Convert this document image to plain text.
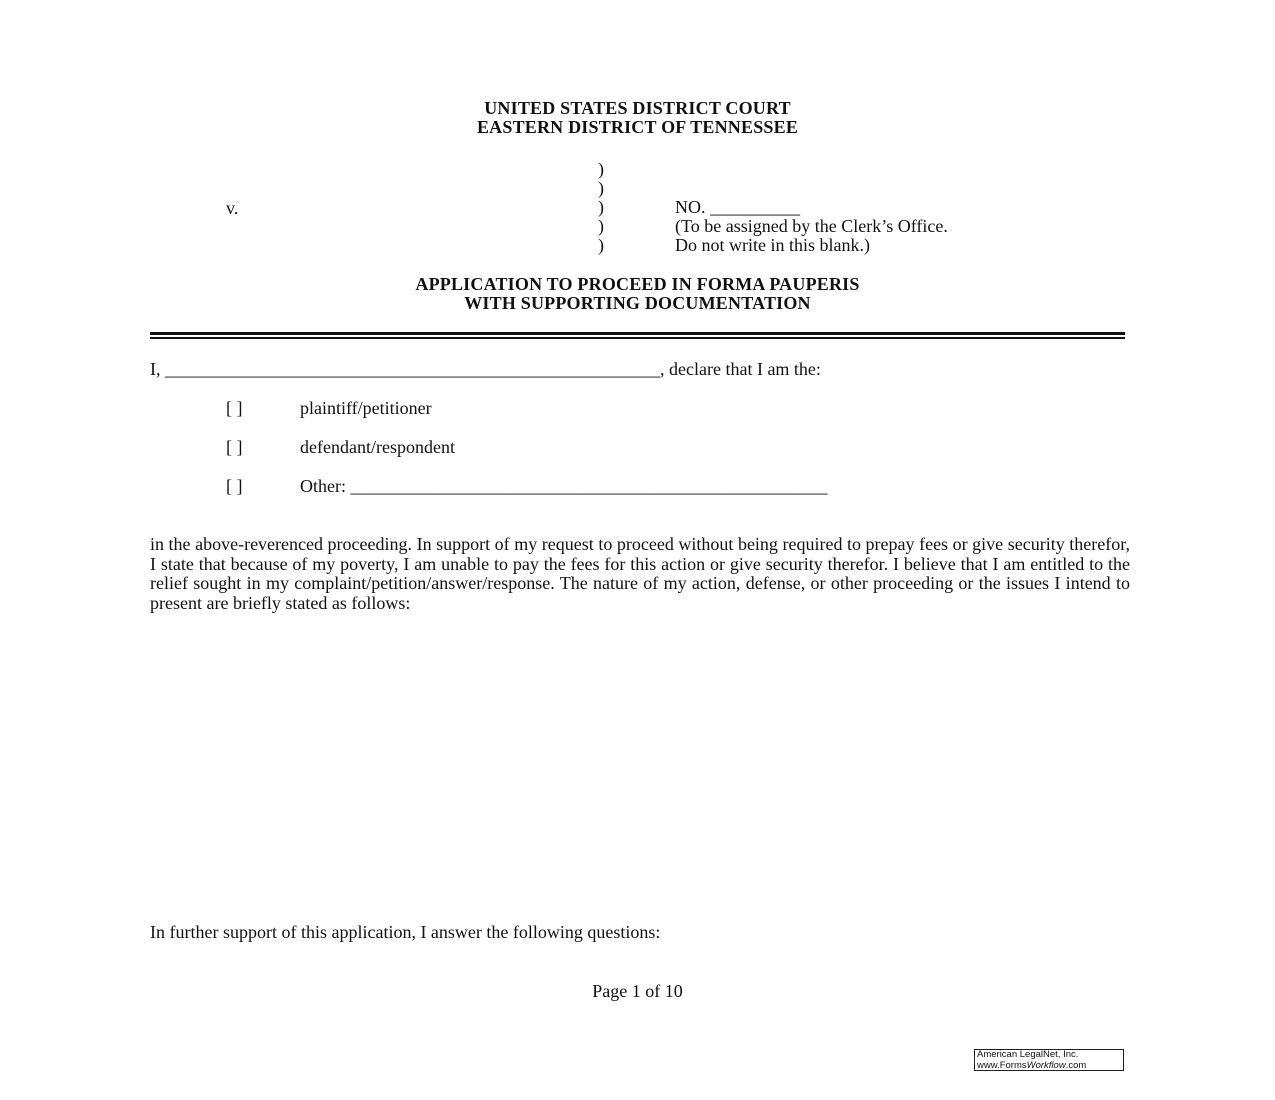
UNITED STATES DISTRICT COURT
EASTERN DISTRICT OF TENNESSEE
)
)
)
)
)
v.	NO. __________
(To be assigned by the Clerk’s Office.
Do not write in this blank.)
APPLICATION TO PROCEED IN FORMA PAUPERIS
WITH SUPPORTING DOCUMENTATION
I, _______________________________________________________, declare that I am the:
[ ]	plaintiff/petitioner
[ ]	defendant/respondent
[ ]	Other: _____________________________________________________
in the above-reverenced proceeding. In support of my request to proceed without being required to prepay fees or give security therefor, I state that because of my poverty, I am unable to pay the fees for this action or give security therefor. I believe that I am entitled to the relief sought in my complaint/petition/answer/response. The nature of my action, defense, or other proceeding or the issues I intend to present are briefly stated as follows:
In further support of this application, I answer the following questions:
Page 1 of 10
American LegalNet, Inc.
www.FormsWorkflow.com
